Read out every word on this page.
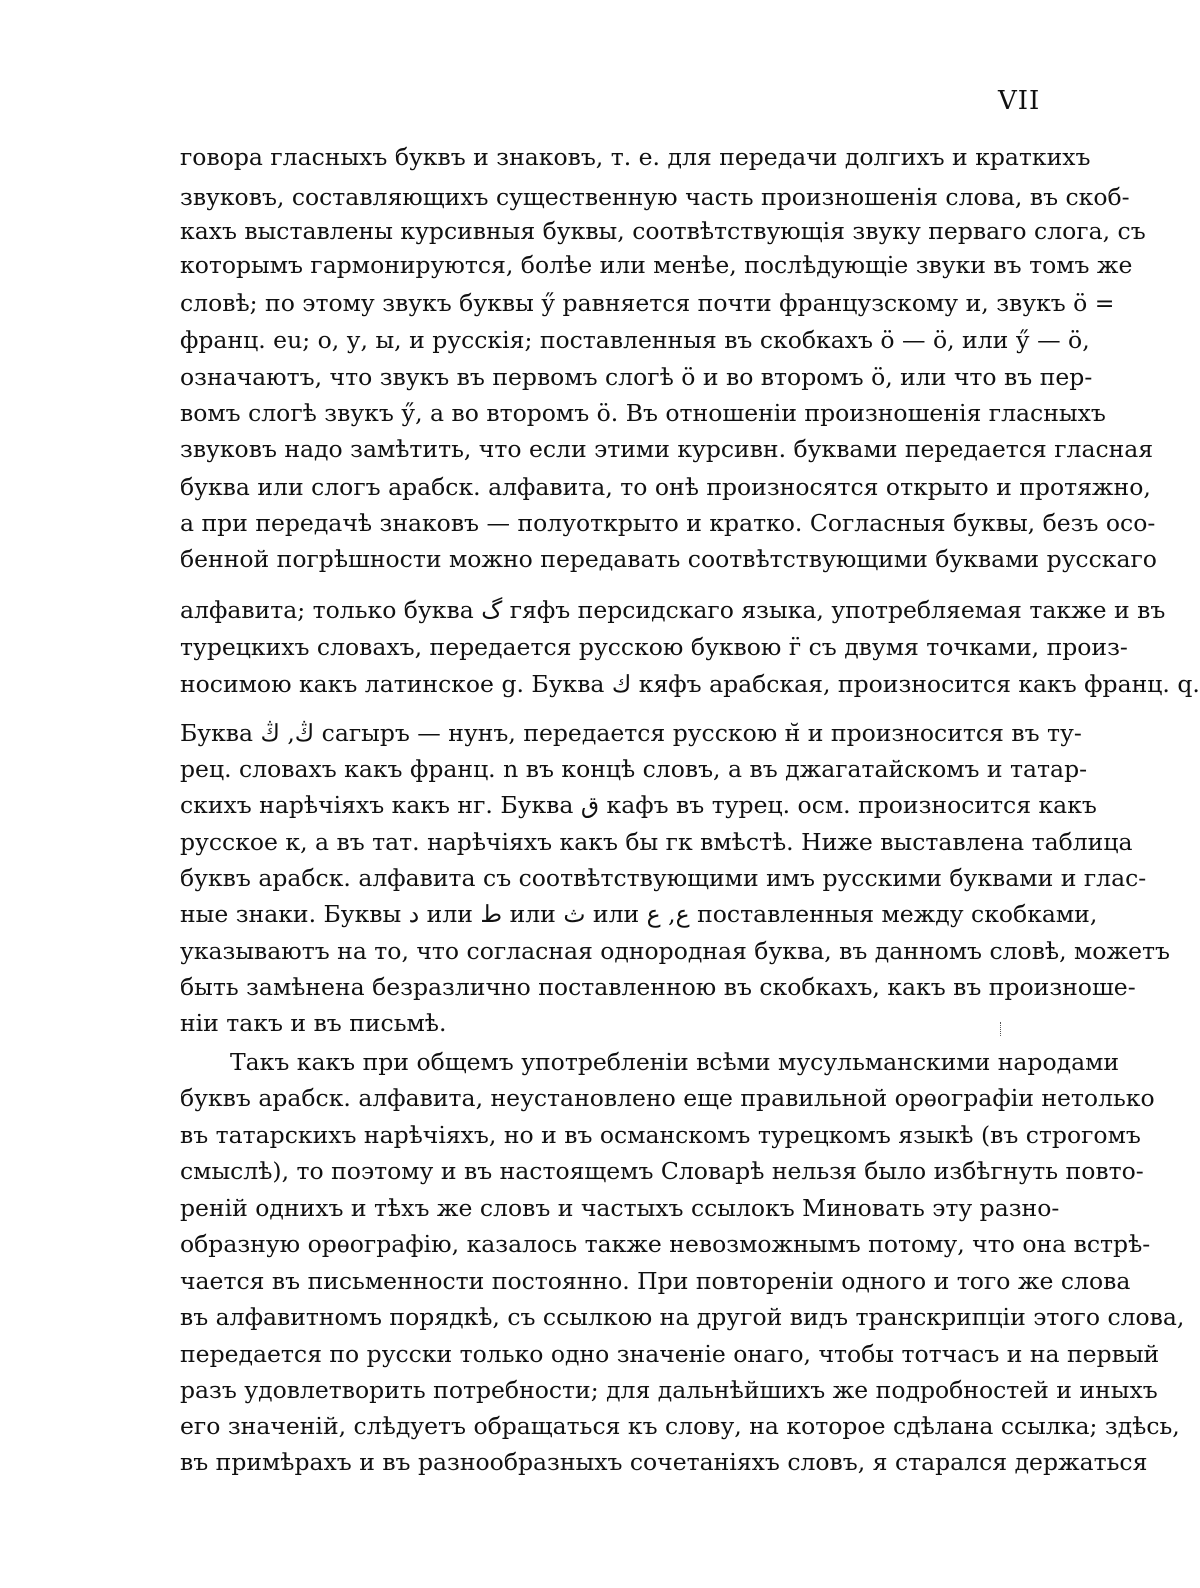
VII
говора гласныхъ буквъ и знаковъ, т. е. для передачи долгихъ и краткихъ
звуковъ, составляющихъ существенную часть произношенія слова, въ скоб-
кахъ выставлены курсивныя буквы, соотвѣтствующія звуку перваго слога, съ
которымъ гармонируются, болѣе или менѣе, послѣдующіе звуки въ томъ же
словѣ; по этому звукъ буквы ӳ равняется почти французскому и, звукъ ӧ =
франц. eu; о, у, ы, и русскія; поставленныя въ скобкахъ ӧ — ӧ, или ӳ — ӧ,
означаютъ, что звукъ въ первомъ слогѣ ӧ и во второмъ ӧ, или что въ пер-
вомъ слогѣ звукъ ӳ, а во второмъ ӧ. Въ отношеніи произношенія гласныхъ
звуковъ надо замѣтить, что если этими курсивн. буквами передается гласная
буква или слогъ арабск. алфавита, то онѣ произносятся открыто и протяжно,
а при передачѣ знаковъ — полуоткрыто и кратко. Согласныя буквы, безъ осо-
бенной погрѣшности можно передавать соотвѣтствующими буквами русскаго
алфавита; только буква گ гяфъ персидскаго языка, употребляемая также и въ
турецкихъ словахъ, передается русскою буквою г̈ съ двумя точками, произ-
носимою какъ латинское g. Буква ك кяфъ арабская, произносится какъ франц. q.
Буква ڭ, ڭ сагыръ — нунъ, передается русскою н̆ и произносится въ ту-
рец. словахъ какъ франц. n въ концѣ словъ, а въ джагатайскомъ и татар-
скихъ нарѣчіяхъ какъ нг. Буква ق кафъ въ турец. осм. произносится какъ
русское к, а въ тат. нарѣчіяхъ какъ бы гк вмѣстѣ. Ниже выставлена таблица
буквъ арабск. алфавита съ соотвѣтствующими имъ русскими буквами и глас-
ные знаки. Буквы د или ط или ث или ع, ع поставленныя между скобками,
указываютъ на то, что согласная однородная буква, въ данномъ словѣ, можетъ
быть замѣнена безразлично поставленною въ скобкахъ, какъ въ произноше-
ніи такъ и въ письмѣ.
Такъ какъ при общемъ употребленіи всѣми мусульманскими народами
буквъ арабск. алфавита, неустановлено еще правильной орѳографіи нетолько
въ татарскихъ нарѣчіяхъ, но и въ османскомъ турецкомъ языкѣ (въ строгомъ
смыслѣ), то поэтому и въ настоящемъ Словарѣ нельзя было избѣгнуть повто-
реній однихъ и тѣхъ же словъ и частыхъ ссылокъ Миновать эту разно-
образную орѳографію, казалось также невозможнымъ потому, что она встрѣ-
чается въ письменности постоянно. При повтореніи одного и того же слова
въ алфавитномъ порядкѣ, съ ссылкою на другой видъ транскрипціи этого слова,
передается по русски только одно значеніе онаго, чтобы тотчасъ и на первый
разъ удовлетворить потребности; для дальнѣйшихъ же подробностей и иныхъ
его значеній, слѣдуетъ обращаться къ слову, на которое сдѣлана ссылка; здѣсь,
въ примѣрахъ и въ разнообразныхъ сочетаніяхъ словъ, я старался держаться
